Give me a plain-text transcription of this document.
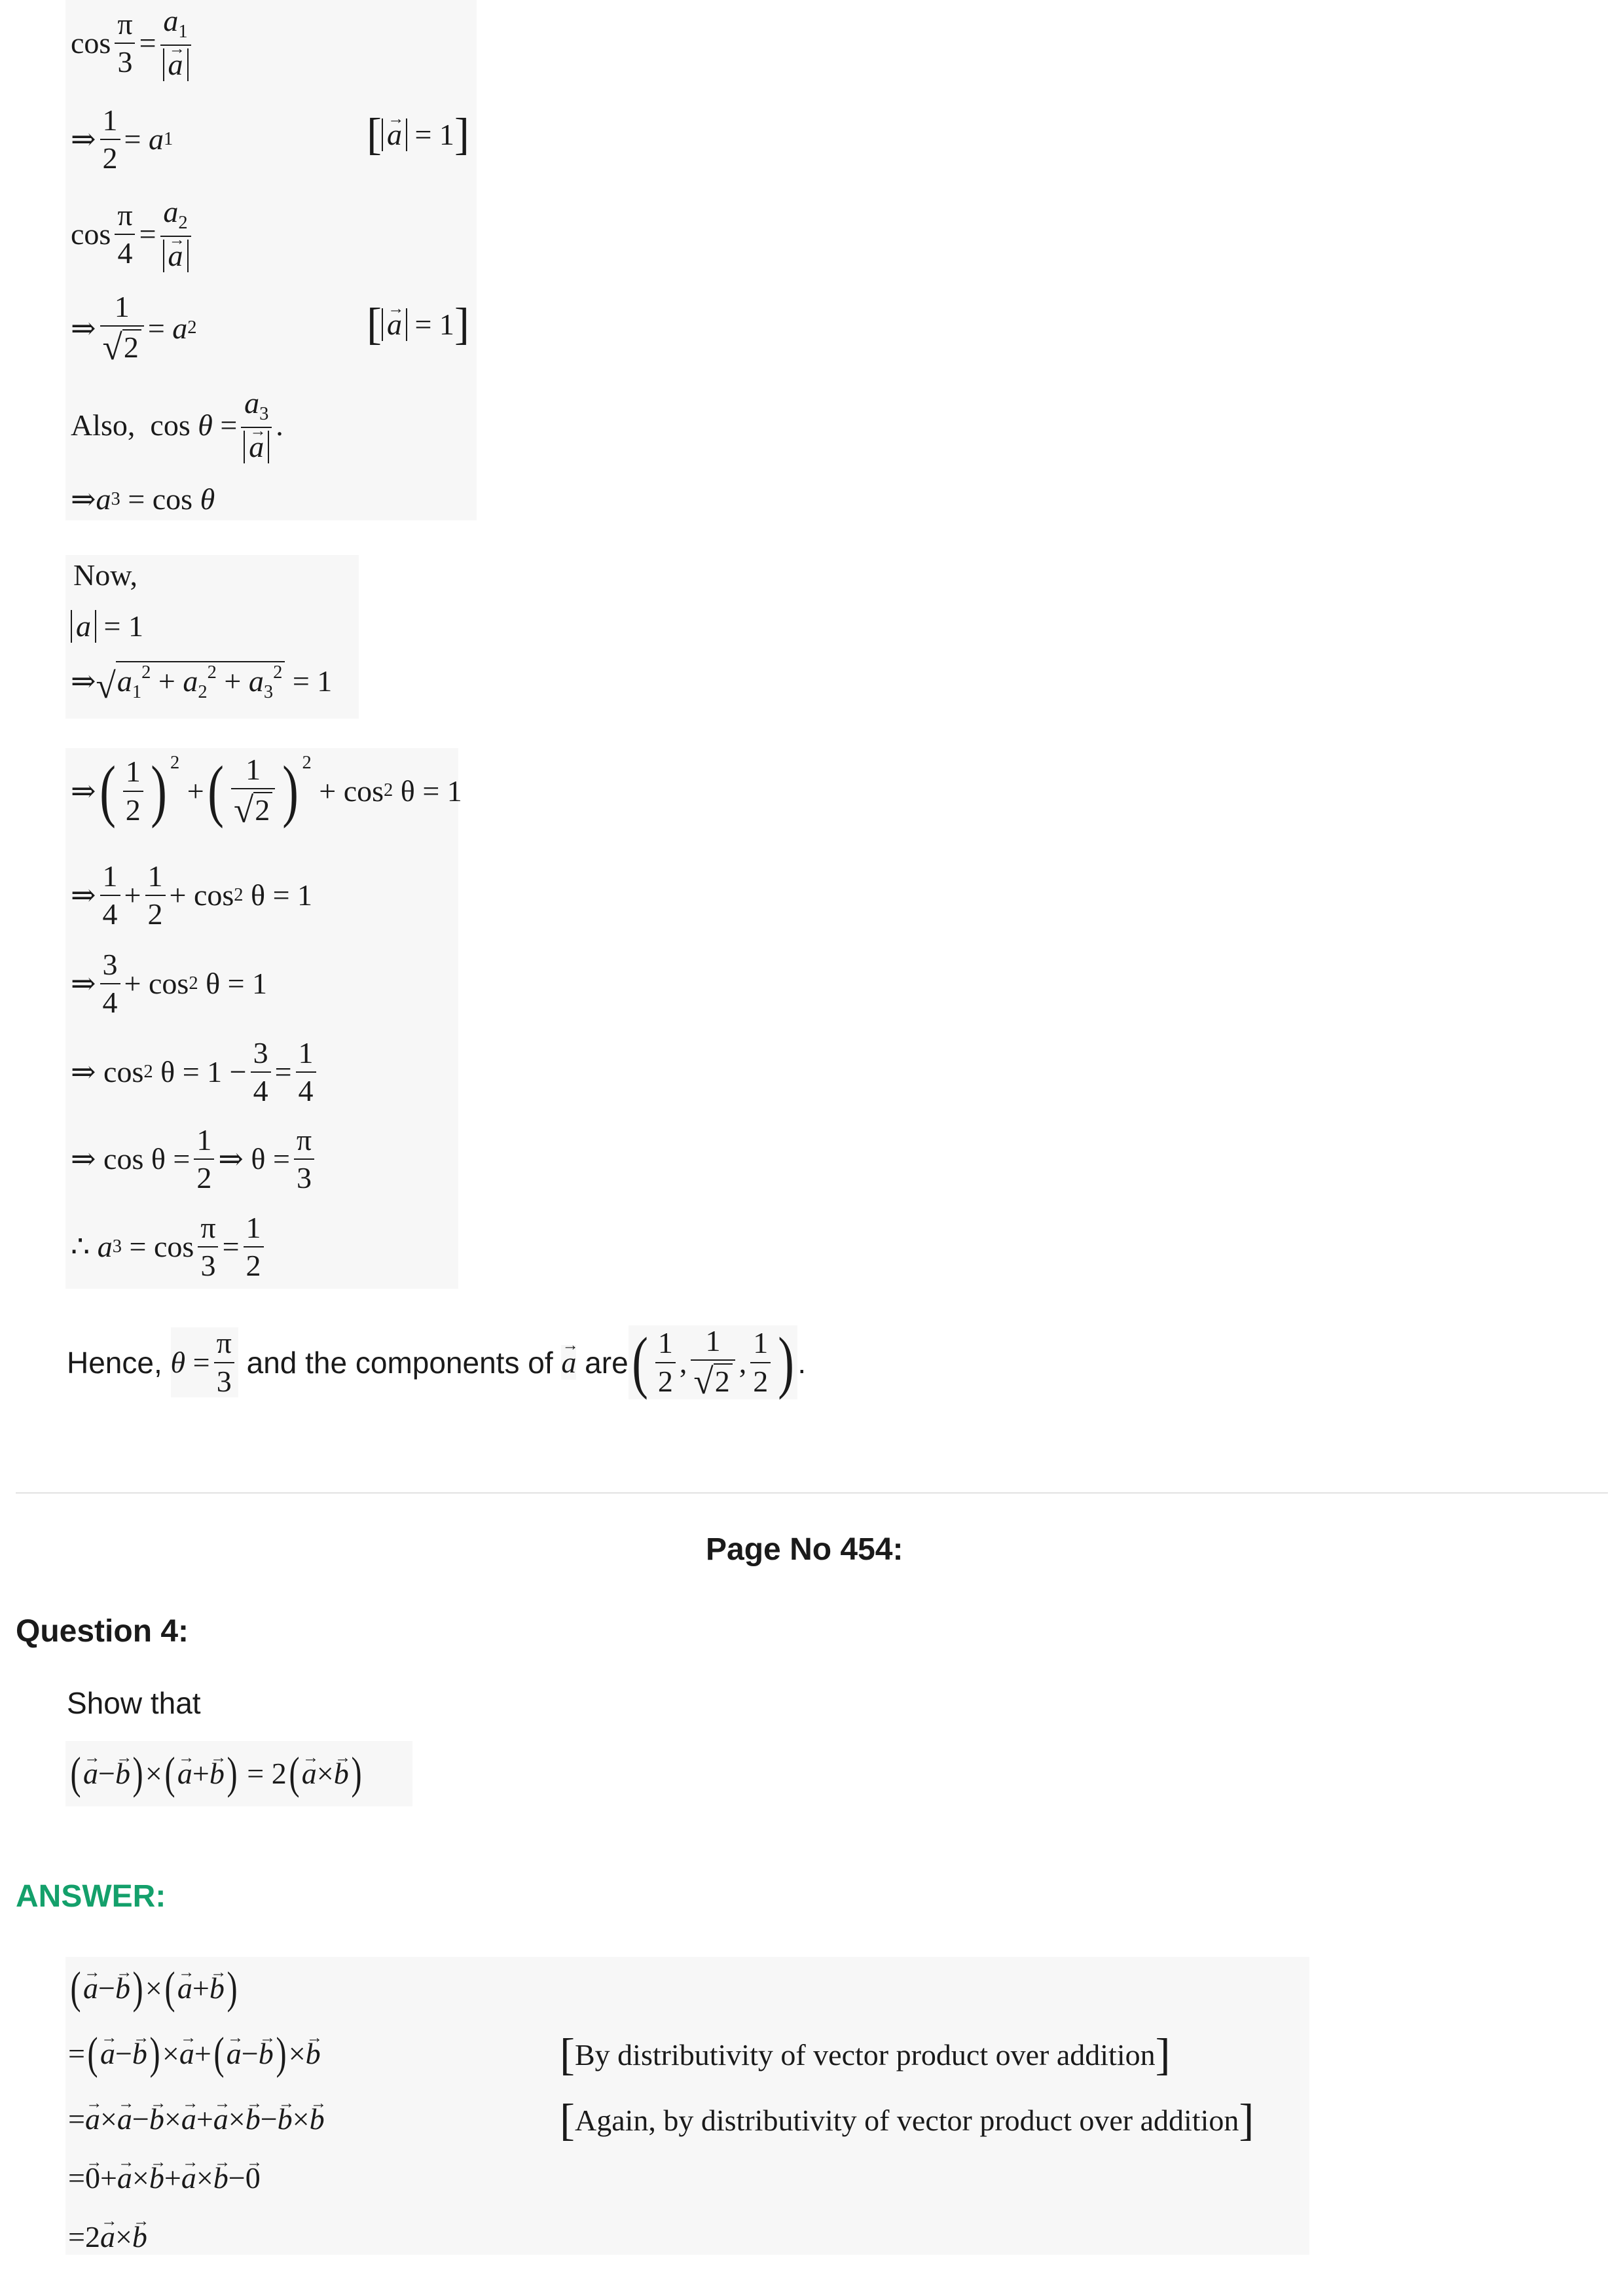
$\cos \frac{\pi}{3} = a_1$
→ a
⇒ $\frac{1}{2} = a$ 1	[ → a
= 1 ]
$\cos \frac{\pi}{4} = a_2$
→ a
⇒ $\frac{1}{√ 2} = a$ 2	[ → a
= 1 ]
Also,
cos
$\theta = a_3$
→ a .
⇒ a 3 = cos
θ
Now,
a
= 1
⇒ √ $a_1^2 + a_2^2 + a_3^2$
= 1
⇒ ( $\frac{1}{2} )^2$
+ ( $\frac{1}{√ 2} )^2$

+ cos 2
θ = 1
⇒ $\frac{1}{4} + \frac{1}{2} + \cos 2$
θ = 1
⇒ $\frac{3}{4} + \cos 2$
θ = 1
⇒ cos 2 $\theta = 1 - \frac{3}{4} = \frac{1}{4}$
⇒
$\cos \theta = \frac{1}{2}$ ⇒
$\theta = \frac{\pi}{3}$
∴
a $3 = \cos \frac{\pi}{3} = \frac{1}{2}$
Hence,
$\theta = \frac{\pi}{3}$
and the components of
→ a
are ( $\frac{1}{2}$ , $\frac{1}{√ 2}$ , $\frac{1}{2}$ ) .
Page No 454:
Question 4:
Show that
( → a − → b ) × ( → a + → b ) = 2 ( → a × → b )
ANSWER:
( → a − → b ) × ( → a + → b )
= ( → a − → b ) × → a + ( → a − → b ) × → b	[ By distributivity of vector product over addition ]
= → a × → a − → b × → a + → a × → b − → b × → b	[ Again, by distributivity of vector product over addition ]
= → 0 + → a × → b + → a × → b − → 0
= 2 → a × → b
